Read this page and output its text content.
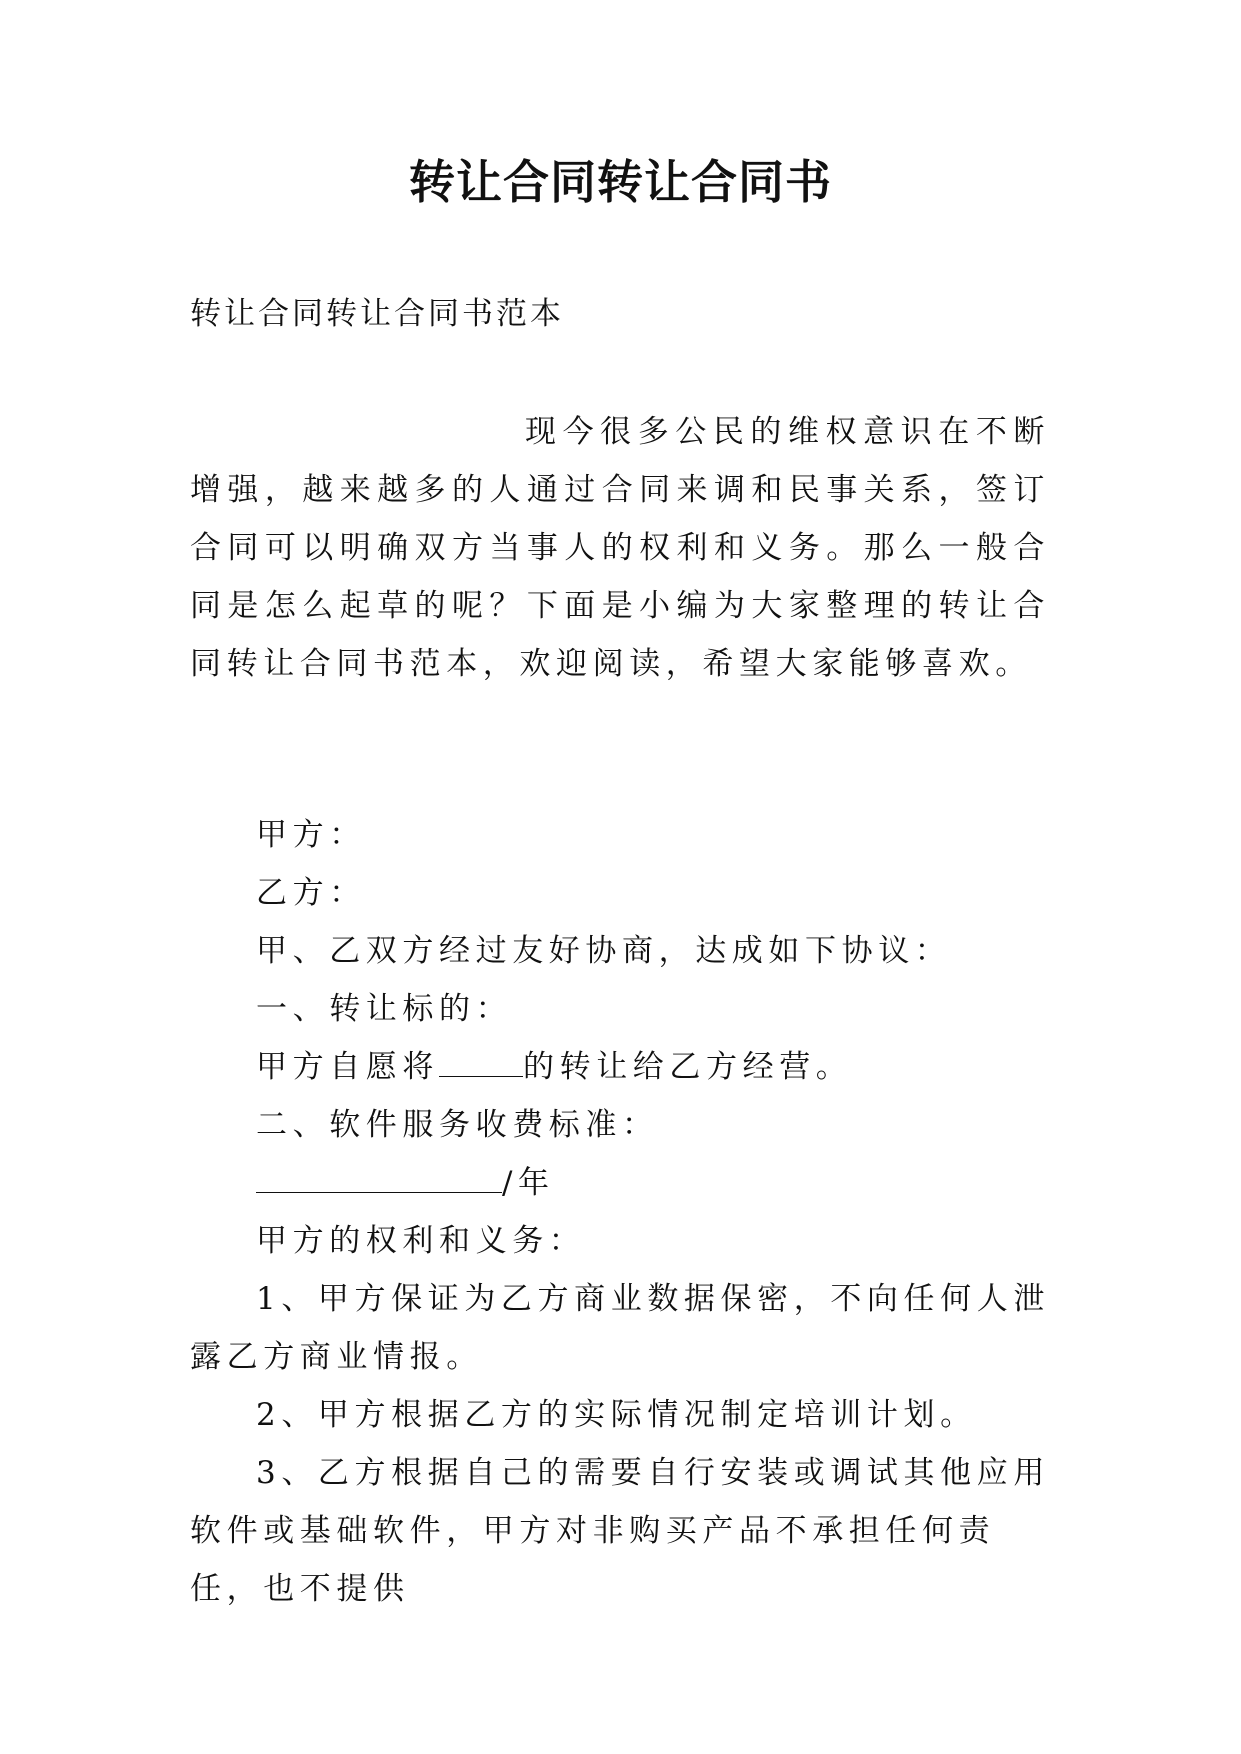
转让合同转让合同书
转让合同转让合同书范本

现今很多公民的维权意识在不断增强，越来越多的人通过合同来调和民事关系，签订合同可以明确双方当事人的权利和义务。那么一般合同是怎么起草的呢？下面是小编为大家整理的转让合同转让合同书范本，欢迎阅读，希望大家能够喜欢。

甲方：

乙方：

甲、乙双方经过友好协商，达成如下协议：

一、转让标的：

甲方自愿将	的转让给乙方经营。

二、软件服务收费标准：

/年

甲方的权利和义务：

1、甲方保证为乙方商业数据保密，不向任何人泄露乙方商业情报。

2、甲方根据乙方的实际情况制定培训计划。

3、乙方根据自己的需要自行安装或调试其他应用软件或基础软件，甲方对非购买产品不承担任何责任，也不提供
